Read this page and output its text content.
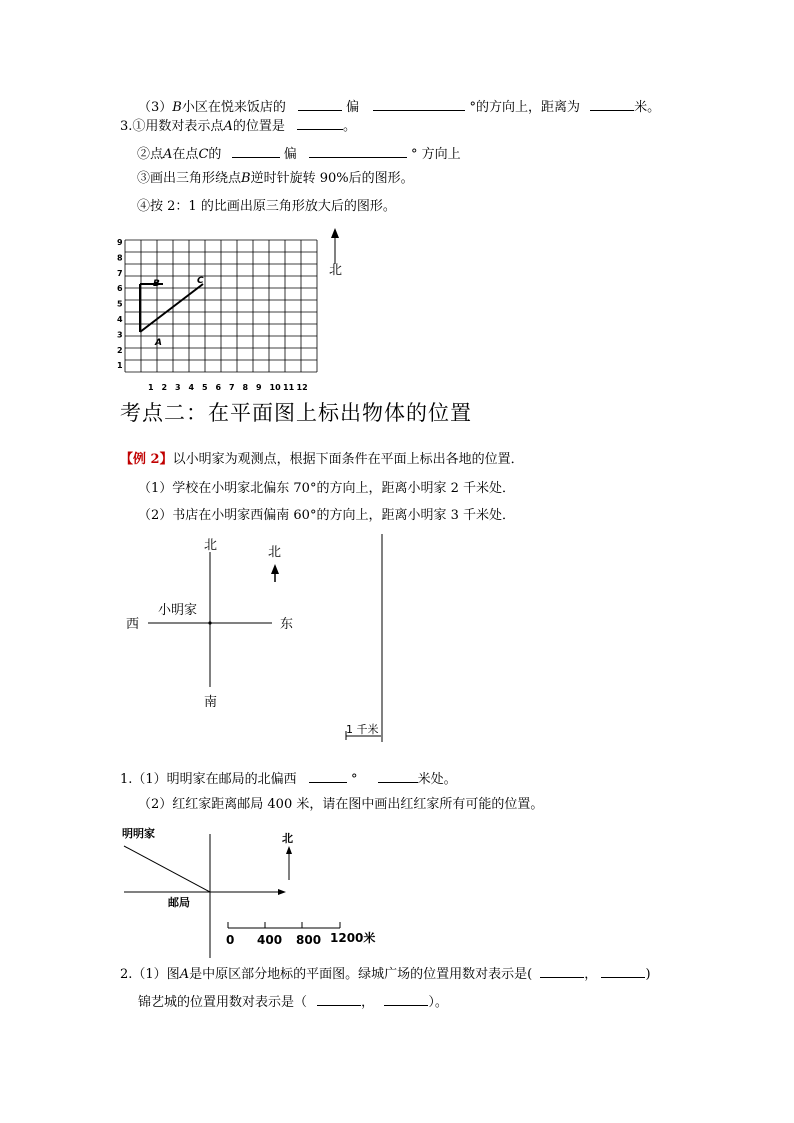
（3）B小区在悦来饭店的	偏	°的方向上，距离为	米。
3.①用数对表示点A的位置是	。
②点A在点C的	偏	° 方向上
③画出三角形绕点B逆时针旋转 90%后的图形。
④按 2：1 的比画出原三角形放大后的图形。
A
B	C
9
8
7
6
5
4
3
2
1
1 2 3 4 5 6 7 8 9 10 11 12
北
考点二：在平面图上标出物体的位置
【例 2】以小明家为观测点，根据下面条件在平面上标出各地的位置．
（1）学校在小明家北偏东 70°的方向上，距离小明家 2 千米处．
（2）书店在小明家西偏南 60°的方向上，距离小明家 3 千米处．
北
南
东
西
小明家
北
1 千米
1.（1）明明家在邮局的北偏西	°	米处。
（2）红红家距离邮局 400 米，请在图中画出红红家所有可能的位置。
明明家
邮局
北
0 400 800 1200米
2.（1）图A是中原区部分地标的平面图。绿城广场的位置用数对表示是(	，	)
锦艺城的位置用数对表示是（	，	）。
